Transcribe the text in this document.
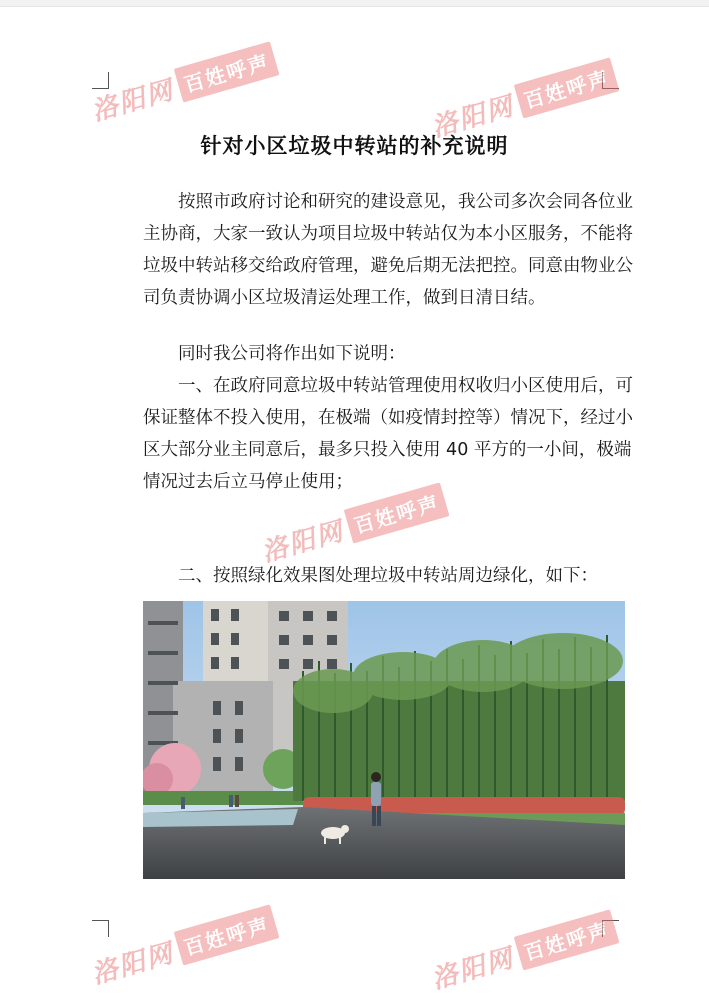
洛阳网
百姓呼声
洛阳网
百姓呼声
洛阳网
百姓呼声
洛阳网
百姓呼声
洛阳网
百姓呼声
针对小区垃圾中转站的补充说明

　　按照市政府讨论和研究的建设意见，我公司多次会同各位业
主协商，大家一致认为项目垃圾中转站仅为本小区服务，不能将
垃圾中转站移交给政府管理，避免后期无法把控。同意由物业公
司负责协调小区垃圾清运处理工作，做到日清日结。

　　同时我公司将作出如下说明：

　　一、在政府同意垃圾中转站管理使用权收归小区使用后，可
保证整体不投入使用，在极端（如疫情封控等）情况下，经过小
区大部分业主同意后，最多只投入使用 40 平方的一小间，极端
情况过去后立马停止使用；

　　二、按照绿化效果图处理垃圾中转站周边绿化，如下：
